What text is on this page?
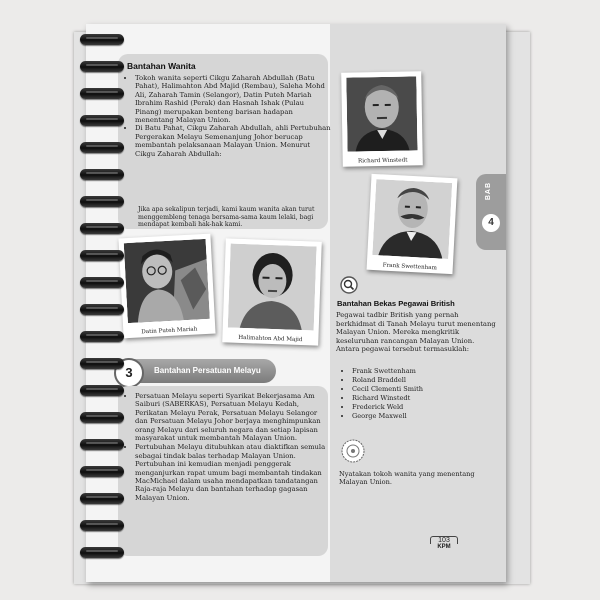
Bantahan Wanita
• Tokoh wanita seperti Cikgu Zaharah Abdullah (Batu Pahat), Halimahton Abd Majid (Rembau), Saleha Mohd Ali, Zaharah Tamin (Selangor), Datin Puteh Mariah Ibrahim Rashid (Perak) dan Hasnah Ishak (Pulau Pinang) merupakan benteng barisan hadapan menentang Malayan Union.
• Di Batu Pahat, Cikgu Zaharah Abdullah, ahli Pertubuhan Pergerakan Melayu Semenanjung Johor berucap membantah pelaksanaan Malayan Union. Menurut Cikgu Zaharah Abdullah:
Jika apa sekalipun terjadi, kami kaum wanita akan turut menggembleng tenaga bersama-sama kaum lelaki, bagi mendapat kembali hak-hak kami.
Datin Puteh Mariah
Halimahton Abd Majid
Richard Winstedt
Frank Swettenham
BAB
4
Bantahan Bekas Pegawai British
Pegawai tadbir British yang pernah berkhidmat di Tanah Melayu turut menentang Malayan Union. Mereka mengkritik keseluruhan rancangan Malayan Union. Antara pegawai tersebut termasuklah:
• Frank Swettenham
• Roland Braddell
• Cecil Clementi Smith
• Richard Winstedt
• Frederick Weld
• George Maxwell
Nyatakan tokoh wanita yang menentang Malayan Union.
3	Bantahan Persatuan Melayu
• Persatuan Melayu seperti Syarikat Bekerjasama Am Saiburi (SABERKAS), Persatuan Melayu Kedah, Perikatan Melayu Perak, Persatuan Melayu Selangor dan Persatuan Melayu Johor berjaya menghimpunkan orang Melayu dari seluruh negara dan setiap lapisan masyarakat untuk membantah Malayan Union.
• Pertubuhan Melayu ditubuhkan atau diaktifkan semula sebagai tindak balas terhadap Malayan Union. Pertubuhan ini kemudian menjadi penggerak menganjurkan rapat umum bagi membantah tindakan MacMichael dalam usaha mendapatkan tandatangan Raja-raja Melayu dan bantahan terhadap gagasan Malayan Union.
103
KPM
